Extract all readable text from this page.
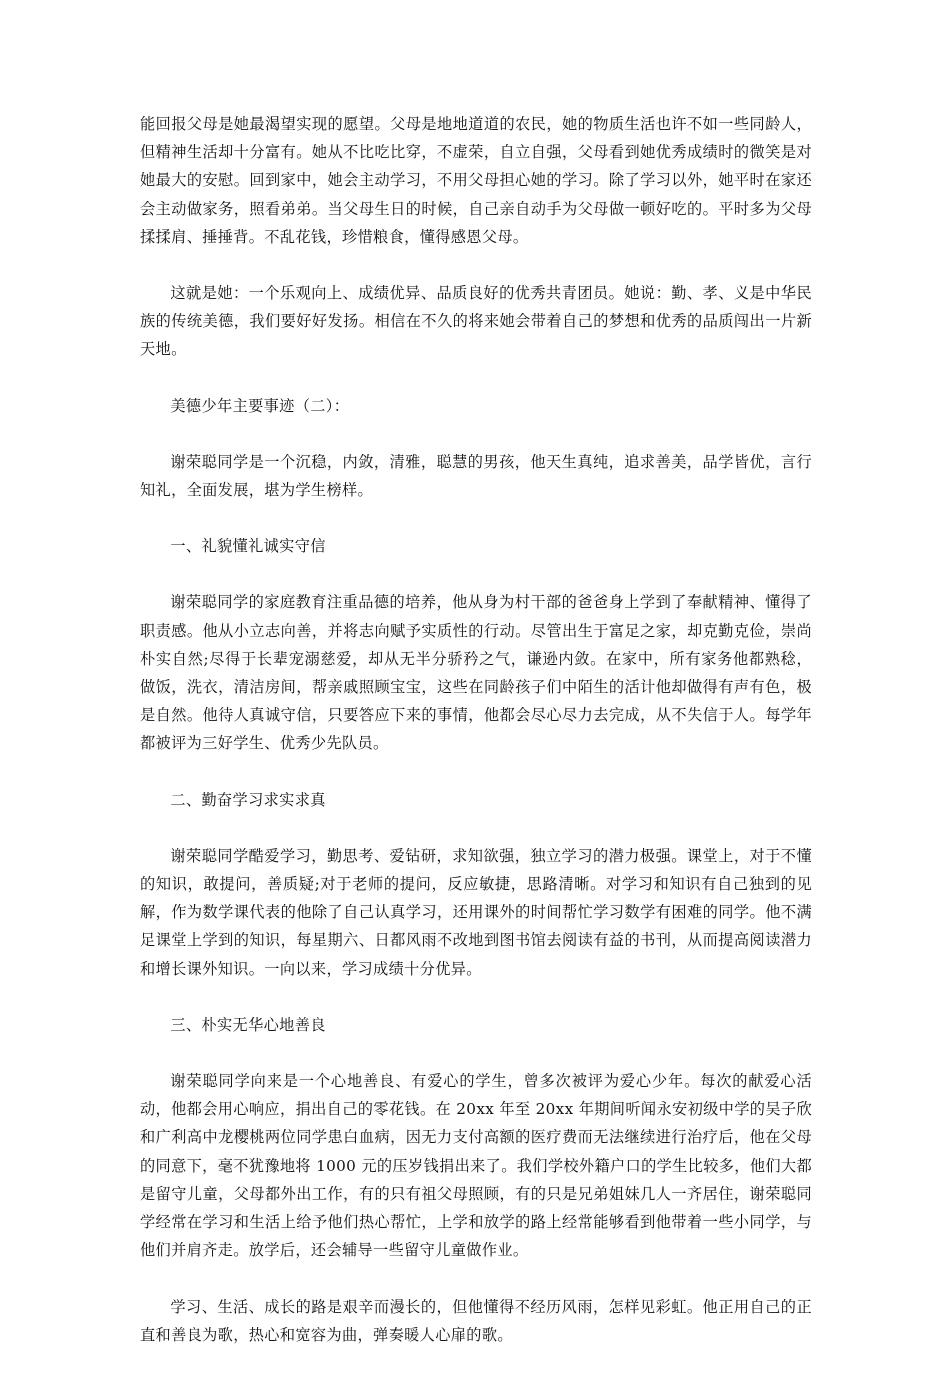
能回报父母是她最渴望实现的愿望。父母是地地道道的农民，她的物质生活也许不如一些同龄人，但精神生活却十分富有。她从不比吃比穿，不虚荣，自立自强，父母看到她优秀成绩时的微笑是对她最大的安慰。回到家中，她会主动学习，不用父母担心她的学习。除了学习以外，她平时在家还会主动做家务，照看弟弟。当父母生日的时候，自己亲自动手为父母做一顿好吃的。平时多为父母揉揉肩、捶捶背。不乱花钱，珍惜粮食，懂得感恩父母。

这就是她：一个乐观向上、成绩优异、品质良好的优秀共青团员。她说：勤、孝、义是中华民族的传统美德，我们要好好发扬。相信在不久的将来她会带着自己的梦想和优秀的品质闯出一片新天地。

美德少年主要事迹（二）：

谢荣聪同学是一个沉稳，内敛，清雅，聪慧的男孩，他天生真纯，追求善美，品学皆优，言行知礼，全面发展，堪为学生榜样。

一、礼貌懂礼诚实守信

谢荣聪同学的家庭教育注重品德的培养，他从身为村干部的爸爸身上学到了奉献精神、懂得了职责感。他从小立志向善，并将志向赋予实质性的行动。尽管出生于富足之家，却克勤克俭，崇尚朴实自然;尽得于长辈宠溺慈爱，却从无半分骄矜之气，谦逊内敛。在家中，所有家务他都熟稔，做饭，洗衣，清洁房间，帮亲戚照顾宝宝，这些在同龄孩子们中陌生的活计他却做得有声有色，极是自然。他待人真诚守信，只要答应下来的事情，他都会尽心尽力去完成，从不失信于人。每学年都被评为三好学生、优秀少先队员。

二、勤奋学习求实求真

谢荣聪同学酷爱学习，勤思考、爱钻研，求知欲强，独立学习的潜力极强。课堂上，对于不懂的知识，敢提问，善质疑;对于老师的提问，反应敏捷，思路清晰。对学习和知识有自己独到的见解，作为数学课代表的他除了自己认真学习，还用课外的时间帮忙学习数学有困难的同学。他不满足课堂上学到的知识，每星期六、日都风雨不改地到图书馆去阅读有益的书刊，从而提高阅读潜力和增长课外知识。一向以来，学习成绩十分优异。

三、朴实无华心地善良

谢荣聪同学向来是一个心地善良、有爱心的学生，曾多次被评为爱心少年。每次的献爱心活动，他都会用心响应，捐出自己的零花钱。在 20xx 年至 20xx 年期间听闻永安初级中学的吴子欣和广利高中龙樱桃两位同学患白血病，因无力支付高额的医疗费而无法继续进行治疗后，他在父母的同意下，毫不犹豫地将 1000 元的压岁钱捐出来了。我们学校外籍户口的学生比较多，他们大都是留守儿童，父母都外出工作，有的只有祖父母照顾，有的只是兄弟姐妹几人一齐居住，谢荣聪同学经常在学习和生活上给予他们热心帮忙，上学和放学的路上经常能够看到他带着一些小同学，与他们并肩齐走。放学后，还会辅导一些留守儿童做作业。

学习、生活、成长的路是艰辛而漫长的，但他懂得不经历风雨，怎样见彩虹。他正用自己的正直和善良为歌，热心和宽容为曲，弹奏暖人心扉的歌。
